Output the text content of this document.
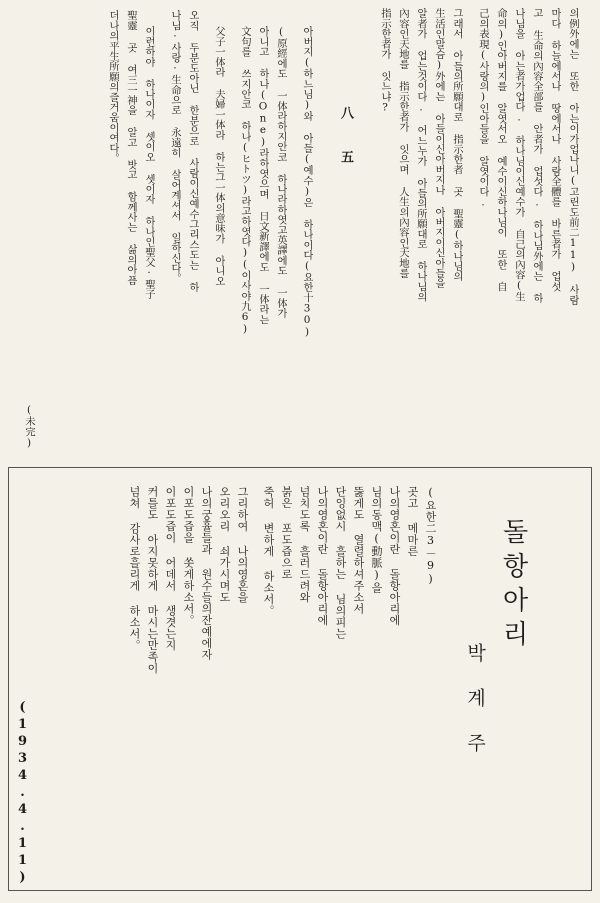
의例外에는 또한 아는이가업나니(고린도前二11) 사람
마다 하늘에서나 땅에서나 사람全體를 바른者가 업섯
고 生命의內容全部를 안者가 업섯다. 하나님外에는 하
나님을 아는者가업다. 하나님이신예수가 自己의內容(生
命의)인아버지를 알엿서오 예수이신하나님이 또한 自
己의表現(사랑의)인아들을 알엿이다.
그래서 아들의所願대로 指示한者 곳 聖靈(하나님의
生活인말슴)外에는 아들이신아버지나 아버지이신아들을
알者가 업는것이다. 어느누가 아들의所願대로 하나님의
內容인天地를 指示한者가 잇으며 人生의內容인天地를
指示한者가 잇느냐?
八 五
아버지(하느님)와 아들(예수)은 하나이다(요한十30)
(原經에도 一体라하지안코 하나라하엿고英譯에도 一体가
아니고 하나(One)라하엿으며 日文新譯에도 一体라는
文句를 쓰지안코 하나(ヒトツ)라고하엿다)(이사야九6)
父子一体라 夫婦一体라 하는그一体의意味가 아니오
오직 두분도아닌 한분으로 사람이신예수그리스도는 하
나님·사랑·生命으로 永遠히 살어계셔서 일하신다。
이런하야 하나이자 셋이오 셋이자 하나인聖父·聖子
聖靈 곳 여三一神을 알고 밧고 함께사는 삶의아픔
더나의平生所願의즐거움이여다。
(未完)
돌항아리
박계주
(요한二3－9)
곳고 메마른
나의영혼이란 돌항아리에
님의동맥(動脈)을
뚫게도 열렬하셔주소서
단잉없시 흘하는 님의피는
나의영혼이란 돌항아리에
넘치도록 흘러드려와
붉은 포도즙으로
죽허 변하게 하소서。
그리하여 나의영혼을
오리오리 쇠가시며도
나의궁휼들과 원수들의잔예에자
이포도즙을 쏫게하소서。
이포도즙이 어데서 생겻는지
커틀도 아지못하게 마시는만족이
넘쳐 감사로흘리게 하소서。
(1934.4.11)
